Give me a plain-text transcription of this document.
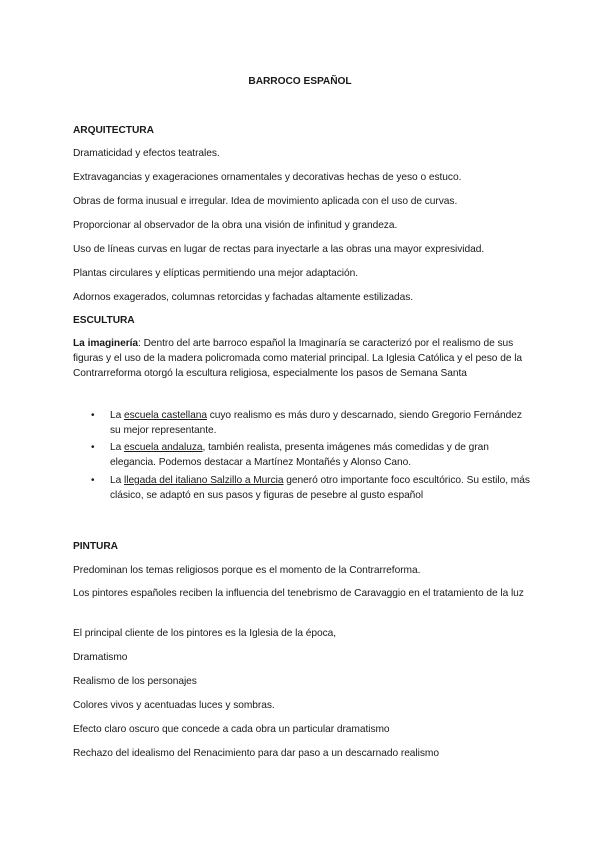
BARROCO ESPAÑOL
ARQUITECTURA
Dramaticidad y efectos teatrales.
Extravagancias y exageraciones ornamentales y decorativas hechas de yeso o estuco.
Obras de forma inusual e irregular. Idea de movimiento aplicada con el uso de curvas.
Proporcionar al observador de la obra una visión de infinitud y grandeza.
Uso de líneas curvas en lugar de rectas para inyectarle a las obras una mayor expresividad.
Plantas circulares y elípticas permitiendo una mejor adaptación.
Adornos exagerados, columnas retorcidas y fachadas altamente estilizadas.
ESCULTURA
La imaginería: Dentro del arte barroco español la Imaginaría se caracterizó por el realismo de sus figuras y el uso de la madera policromada como material principal. La Iglesia Católica y el peso de la Contrarreforma otorgó la escultura religiosa, especialmente los pasos de Semana Santa
• La escuela castellana cuyo realismo es más duro y descarnado, siendo Gregorio Fernández su mejor representante.
• La escuela andaluza, también realista, presenta imágenes más comedidas y de gran elegancia. Podemos destacar a Martínez Montañés y Alonso Cano.
• La llegada del italiano Salzillo a Murcia generó otro importante foco escultórico. Su estilo, más clásico, se adaptó en sus pasos y figuras de pesebre al gusto español
PINTURA
Predominan los temas religiosos porque es el momento de la Contrarreforma.
Los pintores españoles reciben la influencia del tenebrismo de Caravaggio en el tratamiento de la luz
El principal cliente de los pintores es la Iglesia de la época,
Dramatismo
Realismo de los personajes
Colores vivos y acentuadas luces y sombras.
Efecto claro oscuro que concede a cada obra un particular dramatismo
Rechazo del idealismo del Renacimiento para dar paso a un descarnado realismo
